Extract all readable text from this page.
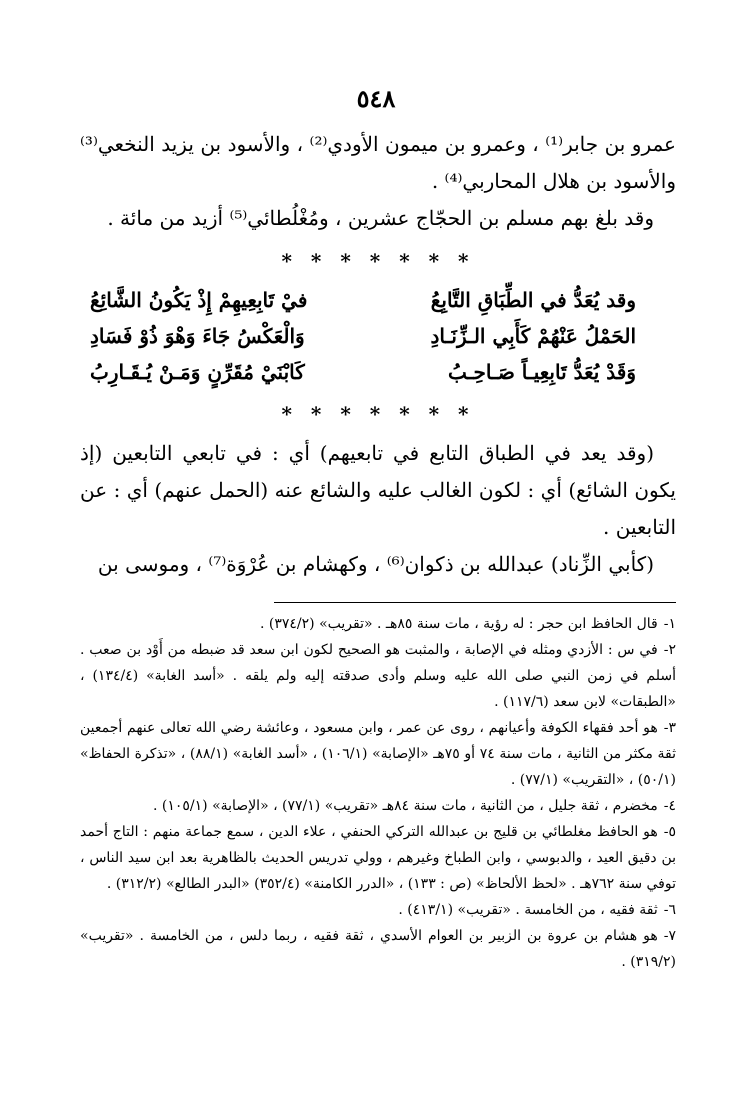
٥٤٨

عمرو بن جابر⁽¹⁾ ، وعمرو بن ميمون الأودي⁽²⁾ ، والأسود بن يزيد النخعي⁽³⁾ والأسود بن هلال المحاربي⁽⁴⁾ .

وقد بلغ بهم مسلم بن الحجّاج عشرين ، ومُغْلُطائي⁽⁵⁾ أزيد من مائة .

* * * * * * *
وقد يُعَدُّ في الطِّبَاقِ التَّابِعُ
فيْ تَابِعِيهِمْ إِذْ يَكُونُ الشَّائِعُ
الحَمْلُ عَنْهُمْ كَأَبِي الـزِّنَـادِ
وَالْعَكْسُ جَاءَ وَهْوَ ذُوْ فَسَادِ
وَقَدْ يُعَدُّ تَابِعِيـاً صَـاحِـبُ
كَابْنَيْ مُقَرِّنٍ وَمَـنْ يُـقَـارِبُ
* * * * * * *

(وقد يعد في الطباق التابع في تابعيهم) أي : في تابعي التابعين (إذ يكون الشائع) أي : لكون الغالب عليه والشائع عنه (الحمل عنهم) أي : عن التابعين .

(كأبي الزِّناد) عبدالله بن ذكوان⁽⁶⁾ ، وكهشام بن عُرْوَة⁽⁷⁾ ، وموسى بن

١-قال الحافظ ابن حجر : له رؤية ، مات سنة ٨٥هـ . «تقريب» (٣٧٤/٢) .

٢-في س : الأزدي ومثله في الإصابة ، والمثبت هو الصحيح لكون ابن سعد قد ضبطه من أَوْد بن صعب . أسلم في زمن النبي صلى الله عليه وسلم وأدى صدقته إليه ولم يلقه . «أسد الغابة» (١٣٤/٤) ، «الطبقات» لابن سعد (١١٧/٦) .

٣-هو أحد فقهاء الكوفة وأعيانهم ، روى عن عمر ، وابن مسعود ، وعائشة رضي الله تعالى عنهم أجمعين ثقة مكثر من الثانية ، مات سنة ٧٤ أو ٧٥هـ «الإصابة» (١٠٦/١) ، «أسد الغابة» (٨٨/١) ، «تذكرة الحفاظ» (٥٠/١) ، «التقريب» (٧٧/١) .

٤-مخضرم ، ثقة جليل ، من الثانية ، مات سنة ٨٤هـ «تقريب» (٧٧/١) ، «الإصابة» (١٠٥/١) .

٥-هو الحافظ مغلطائي بن قليج بن عبدالله التركي الحنفي ، علاء الدين ، سمع جماعة منهم : التاج أحمد بن دقيق العيد ، والدبوسي ، وابن الطباخ وغيرهم ، وولي تدريس الحديث بالظاهرية بعد ابن سيد الناس ، توفي سنة ٧٦٢هـ . «لحظ الألحاظ» (ص : ١٣٣) ، «الدرر الكامنة» (٣٥٢/٤) «البدر الطالع» (٣١٢/٢) .

٦-ثقة فقيه ، من الخامسة . «تقريب» (٤١٣/١) .

٧-هو هشام بن عروة بن الزبير بن العوام الأسدي ، ثقة فقيه ، ربما دلس ، من الخامسة . «تقريب» (٣١٩/٢) .
